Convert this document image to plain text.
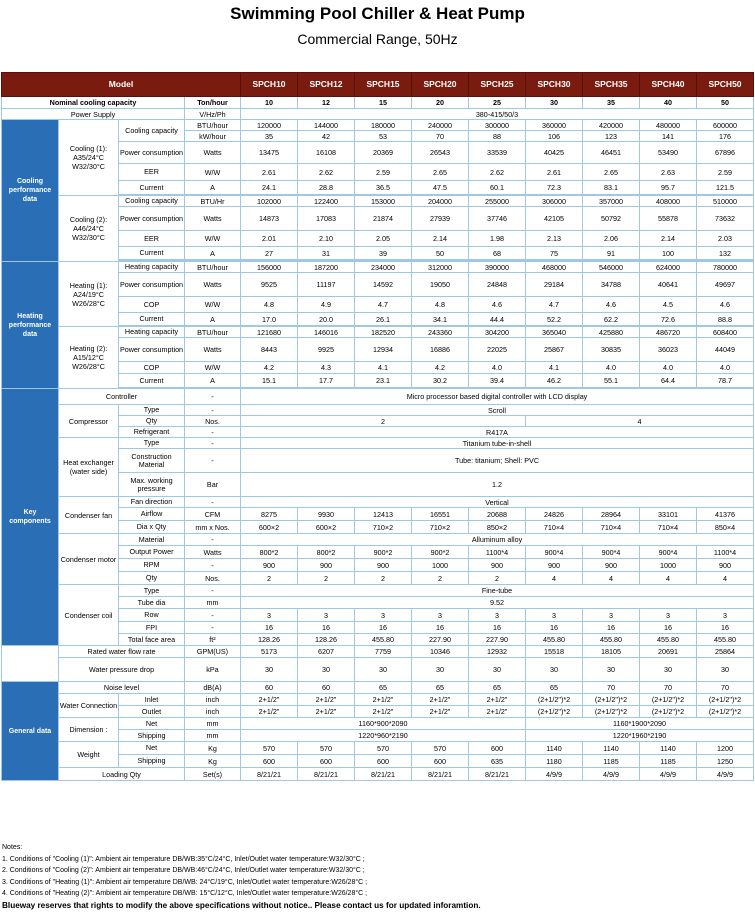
Swimming Pool Chiller & Heat Pump
Commercial Range, 50Hz
Model				SPCH10	SPCH12	SPCH15	SPCH20	SPCH25	SPCH30	SPCH35	SPCH40	SPCH50
Nominal cooling capacity			Ton/hour	10	12	15	20	25	30	35	40	50
Power Supply			V/Hz/Ph	380-415/50/3								
Cooling performance data	Cooling (1): A35/24°C W32/30°C	Cooling capacity	BTU/hour	120000	144000	180000	240000	300000	360000	420000	480000	600000
			kW/hour	35	42	53	70	88	106	123	141	176
		Power consumption	Watts	13475	16108	20369	26543	33539	40425	46451	53490	67896
		EER	W/W	2.61	2.62	2.59	2.65	2.62	2.61	2.65	2.63	2.59
		Current	A	24.1	28.8	36.5	47.5	60.1	72.3	83.1	95.7	121.5

	Cooling (2): A46/24°C W32/30°C	Cooling capacity	BTU/Hr	102000	122400	153000	204000	255000	306000	357000	408000	510000
		Power consumption	Watts	14873	17083	21874	27939	37746	42105	50792	55878	73632
		EER	W/W	2.01	2.10	2.05	2.14	1.98	2.13	2.06	2.14	2.03
		Current	A	27	31	39	50	68	75	91	100	132

Heating performance data	Heating (1): A24/19°C W26/28°C	Heating capacity	BTU/hour	156000	187200	234000	312000	390000	468000	546000	624000	780000
		Power consumption	Watts	9525	11197	14592	19050	24848	29184	34788	40641	49697
		COP	W/W	4.8	4.9	4.7	4.8	4.6	4.7	4.6	4.5	4.6
		Current	A	17.0	20.0	26.1	34.1	44.4	52.2	62.2	72.6	88.8

	Heating (2): A15/12°C W26/28°C	Heating capacity	BTU/hour	121680	146016	182520	243360	304200	365040	425880	486720	608400
		Power consumption	Watts	8443	9925	12934	16886	22025	25867	30835	36023	44049
		COP	W/W	4.2	4.3	4.1	4.2	4.0	4.1	4.0	4.0	4.0
		Current	A	15.1	17.7	23.1	30.2	39.4	46.2	55.1	64.4	78.7

Key components	Controller		-	Micro processor based digital controller with LCD display								
	Compressor	Type	-	Scroll								
		Qty	Nos.	2					4			
		Refrigerant	-	R417A								
	Heat exchanger (water side)	Type	-	Titanium tube-in-shell								
		Construction Material	-	Tube: titanium; Shell: PVC								
		Max. working pressure	Bar	1.2								
	Condenser fan	Fan direction	-	Vertical								
		Airflow	CFM	8275	9930	12413	16551	20688	24826	28964	33101	41376
		Dia x Qty	mm x Nos.	600×2	600×2	710×2	710×2	850×2	710×4	710×4	710×4	850×4
	Condenser motor	Material	-	Alluminum alloy								
		Output Power	Watts	800*2	800*2	900*2	900*2	1100*4	900*4	900*4	900*4	1100*4
		RPM	-	900	900	900	1000	900	900	900	1000	900
		Qty	Nos.	2	2	2	2	2	4	4	4	4
	Condenser coil	Type	-	Fine-tube								
		Tube dia	mm	9.52								
		Row	-	3	3	3	3	3	3	3	3	3
		FPI	-	16	16	16	16	16	16	16	16	16
		Total face area	ft²	128.26	128.26	455.80	227.90	227.90	455.80	455.80	455.80	455.80
	Rated water flow rate		GPM(US)	5173	6207	7759	10346	12932	15518	18105	20691	25864
	Water pressure drop		kPa	30	30	30	30	30	30	30	30	30
General data	Noise level		dB(A)	60	60	65	65	65	65	70	70	70
	Water Connection	Inlet	inch	2+1/2"	2+1/2"	2+1/2"	2+1/2"	2+1/2"	(2+1/2")*2	(2+1/2")*2	(2+1/2")*2	(2+1/2")*2
		Outlet	inch	2+1/2"	2+1/2"	2+1/2"	2+1/2"	2+1/2"	(2+1/2")*2	(2+1/2")*2	(2+1/2")*2	(2+1/2")*2
	Dimension :	Net	mm	1160*900*2090					1160*1900*2090			
		Shipping	mm	1220*960*2190					1220*1960*2190			
	Weight	Net	Kg	570	570	570	570	600	1140	1140	1140	1200
		Shipping	Kg	600	600	600	600	635	1180	1185	1185	1250
	Loading Qty		Set(s)	8/21/21	8/21/21	8/21/21	8/21/21	8/21/21	4/9/9	4/9/9	4/9/9	4/9/9
Notes:
1. Conditions of "Cooling (1)": Ambient air temperature DB/WB:35°C/24°C, Inlet/Outlet water temperature:W32/30°C ;
2. Conditions of "Cooling (2)": Ambient air temperature DB/WB:46°C/24°C, Inlet/Outlet water temperature:W32/30°C ;
3. Conditions of "Heating (1)": Ambient air temperature DB/WB: 24°C/19°C, Inlet/Outlet water temperature:W26/28°C ;
4. Conditions of "Heating (2)": Ambient air temperature DB/WB: 15°C/12°C, Inlet/Outlet water temperature:W26/28°C ;
Blueway reserves that rights to modify the above specifications without notice.. Please contact us for updated inforamtion.
